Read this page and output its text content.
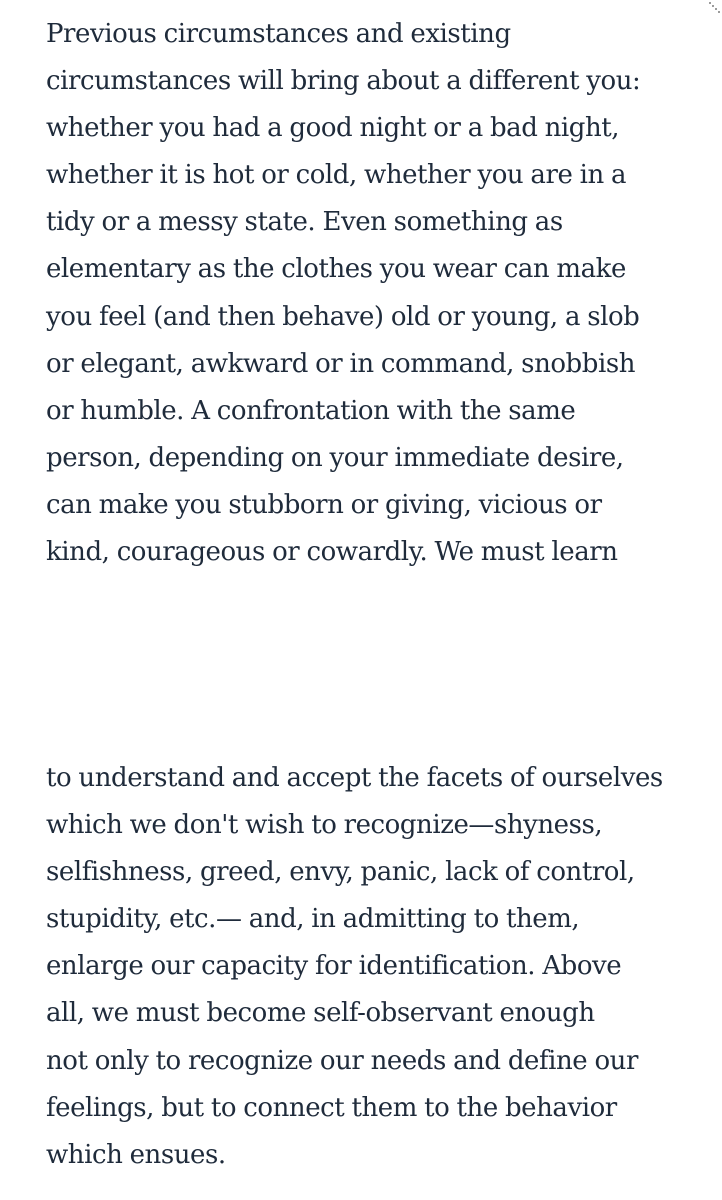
Previous circumstances and existing
circumstances will bring about a different you:
whether you had a good night or a bad night,
whether it is hot or cold, whether you are in a
tidy or a messy state. Even something as
elementary as the clothes you wear can make
you feel (and then behave) old or young, a slob
or elegant, awkward or in command, snobbish
or humble. A confrontation with the same
person, depending on your immediate desire,
can make you stubborn or giving, vicious or
kind, courageous or cowardly. We must learn
to understand and accept the facets of ourselves
which we don't wish to recognize—shyness,
selfishness, greed, envy, panic, lack of control,
stupidity, etc.— and, in admitting to them,
enlarge our capacity for identification. Above
all, we must become self-observant enough
not only to recognize our needs and define our
feelings, but to connect them to the behavior
which ensues.
